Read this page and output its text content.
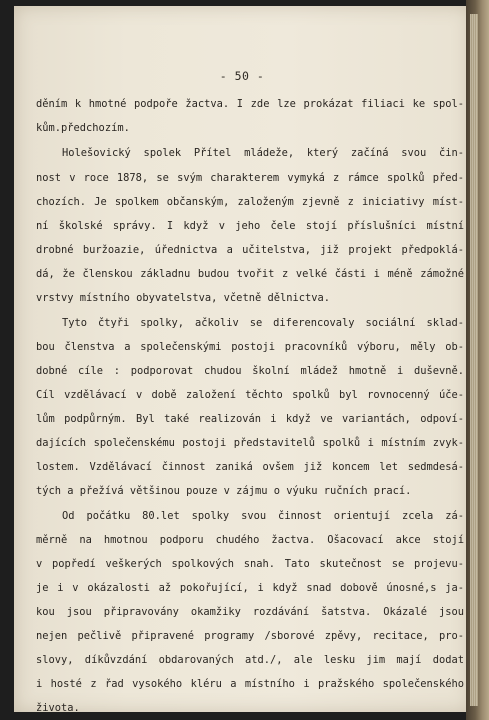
- 50 -
děním k hmotné podpoře žactva. I zde lze prokázat filiaci ke spol-
kům.předchozím.
Holešovický spolek Přítel mládeže, který začíná svou čin-
nost v roce 1878, se svým charakterem vymyká z rámce spolků před-
chozích. Je spolkem občanským, založeným zjevně z iniciativy míst-
ní školské správy. I když v jeho čele stojí příslušníci místní
drobné buržoazie, úřednictva a učitelstva, již projekt předpoklá-
dá, že členskou základnu budou tvořit z velké části i méně zámožné
vrstvy místního obyvatelstva, včetně dělnictva.
Tyto čtyři spolky, ačkoliv se diferencovaly sociální sklad-
bou členstva a společenskými postoji pracovníků výboru, měly ob-
dobné cíle : podporovat chudou školní mládež hmotně i duševně.
Cíl vzdělávací v době založení těchto spolků byl rovnocenný úče-
lům podpůrným. Byl také realizován i když ve variantách, odpoví-
dajících společenskému postoji představitelů spolků i místním zvyk-
lostem. Vzdělávací činnost zaniká ovšem již koncem let sedmdesá-
tých a přežívá většinou pouze v zájmu o výuku ručních prací.
Od počátku 80.let spolky svou činnost orientují zcela zá-
měrně na hmotnou podporu chudého žactva. Ošacovací akce stojí
v popředí veškerých spolkových snah. Tato skutečnost se projevu-
je i v okázalosti až pokořující, i když snad dobově únosné,s ja-
kou jsou připravovány okamžiky rozdávání šatstva. Okázalé jsou
nejen pečlivě připravené programy /sborové zpěvy, recitace, pro-
slovy, díkůvzdání obdarovaných atd./, ale lesku jim mají dodat
i hosté z řad vysokého kléru a místního i pražského společenského
života.
